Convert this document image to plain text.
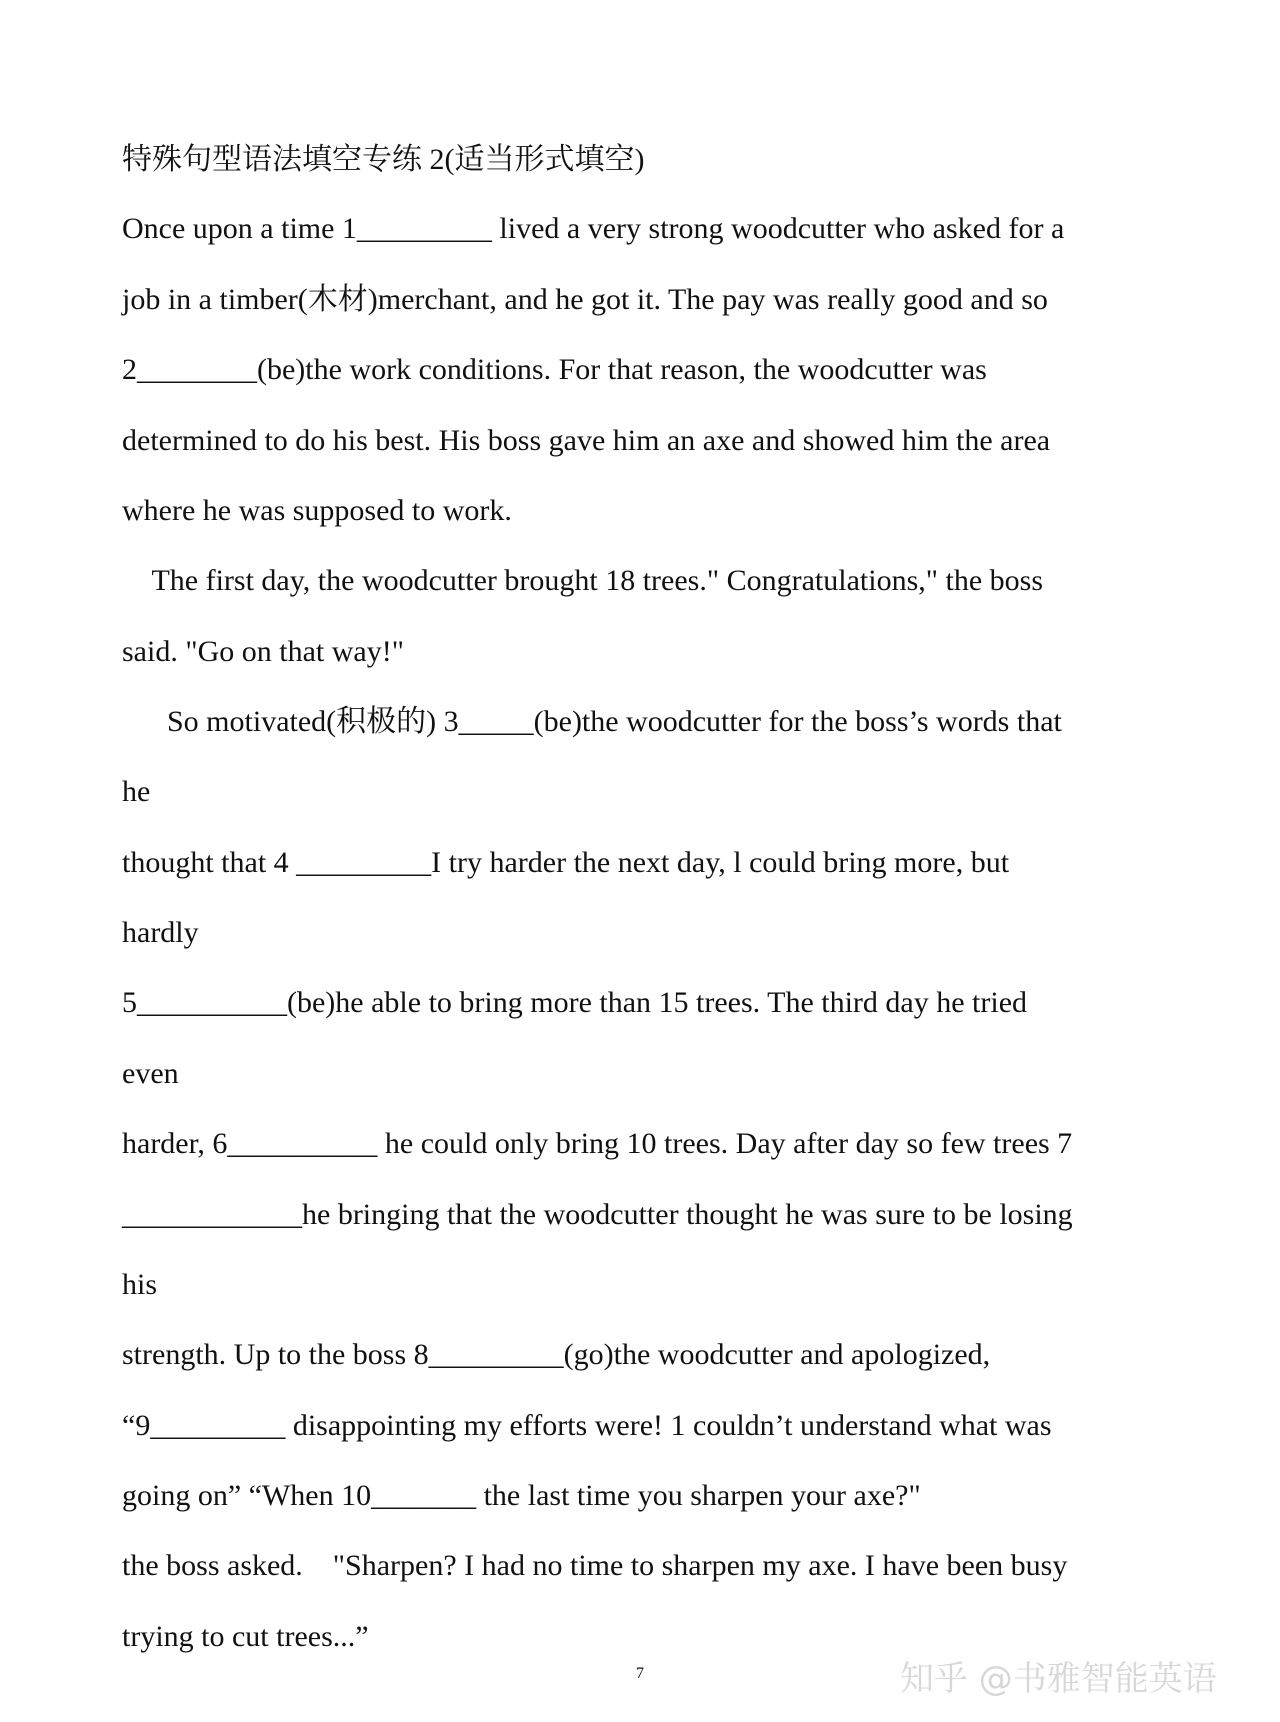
特殊句型语法填空专练 2(适当形式填空)
Once upon a time 1_________ lived a very strong woodcutter who asked for a
job in a timber(木材)merchant, and he got it. The pay was really good and so
2________(be)the work conditions. For that reason, the woodcutter was
determined to do his best. His boss gave him an axe and showed him the area
where he was supposed to work.
The first day, the woodcutter brought 18 trees." Congratulations," the boss
said. "Go on that way!"
So motivated(积极的) 3_____(be)the woodcutter for the boss’s words that
he
thought that 4 _________I try harder the next day, l could bring more, but
hardly
5__________(be)he able to bring more than 15 trees. The third day he tried
even
harder, 6__________ he could only bring 10 trees. Day after day so few trees 7
____________he bringing that the woodcutter thought he was sure to be losing
his
strength. Up to the boss 8_________(go)the woodcutter and apologized,
“9_________ disappointing my efforts were! 1 couldn’t understand what was
going on” “When 10_______ the last time you sharpen your axe?"
the boss asked.    "Sharpen? I had no time to sharpen my axe. I have been busy
trying to cut trees...”
7	知乎 @书雅智能英语
